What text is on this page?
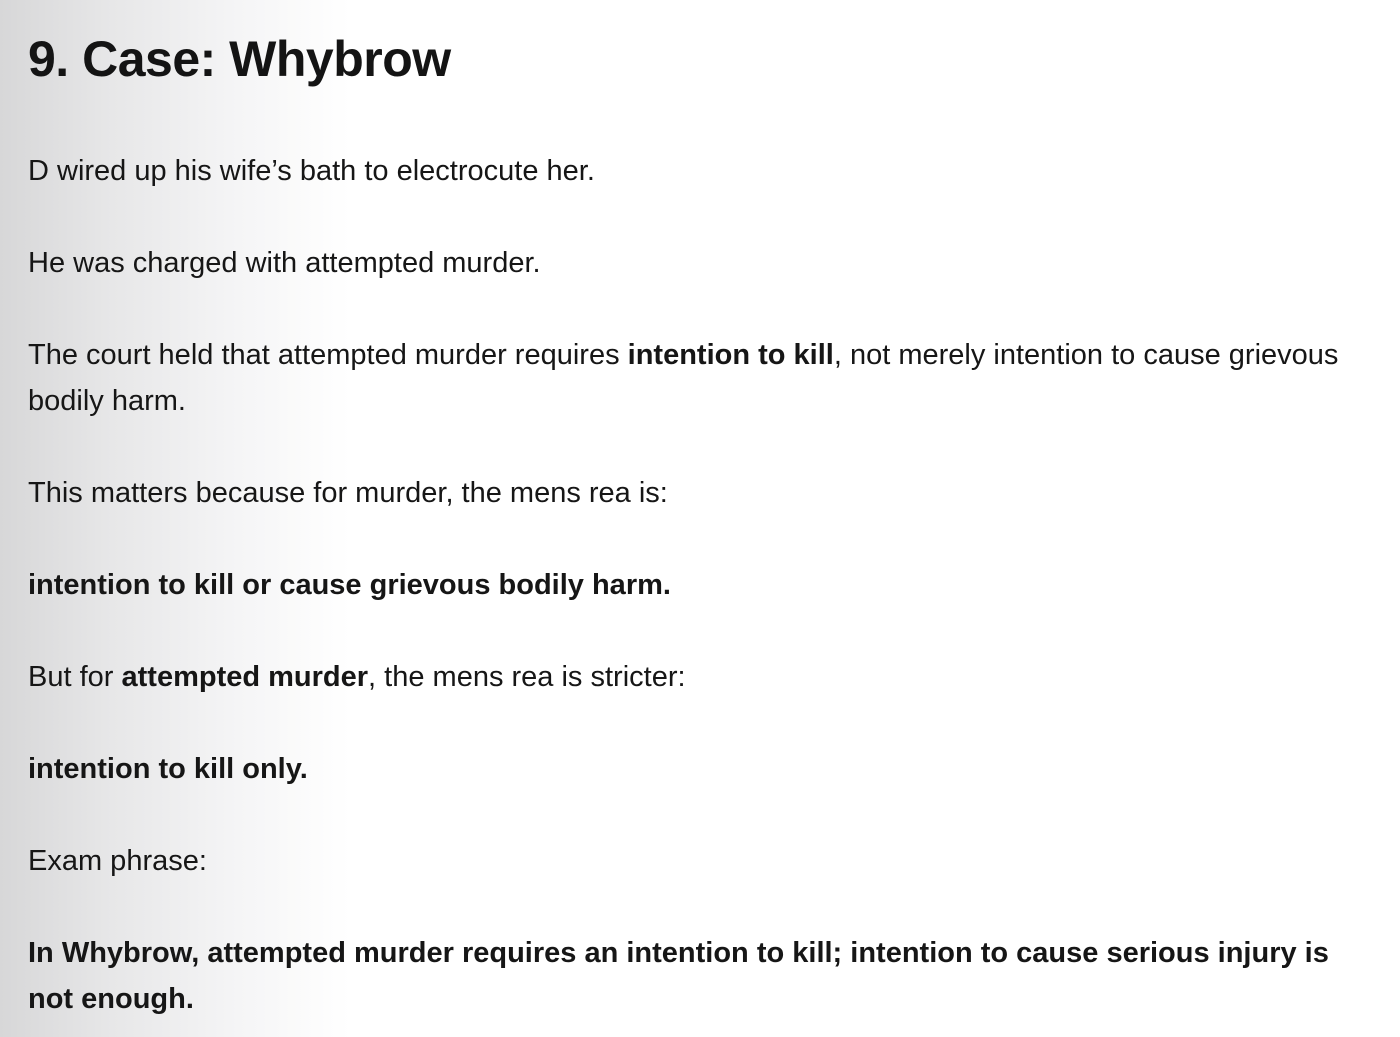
9. Case: Whybrow

D wired up his wife’s bath to electrocute her.

He was charged with attempted murder.

The court held that attempted murder requires intention to kill, not merely intention to cause grievous bodily harm.

This matters because for murder, the mens rea is:

intention to kill or cause grievous bodily harm.

But for attempted murder, the mens rea is stricter:

intention to kill only.

Exam phrase:

In Whybrow, attempted murder requires an intention to kill; intention to cause serious injury is not enough.
